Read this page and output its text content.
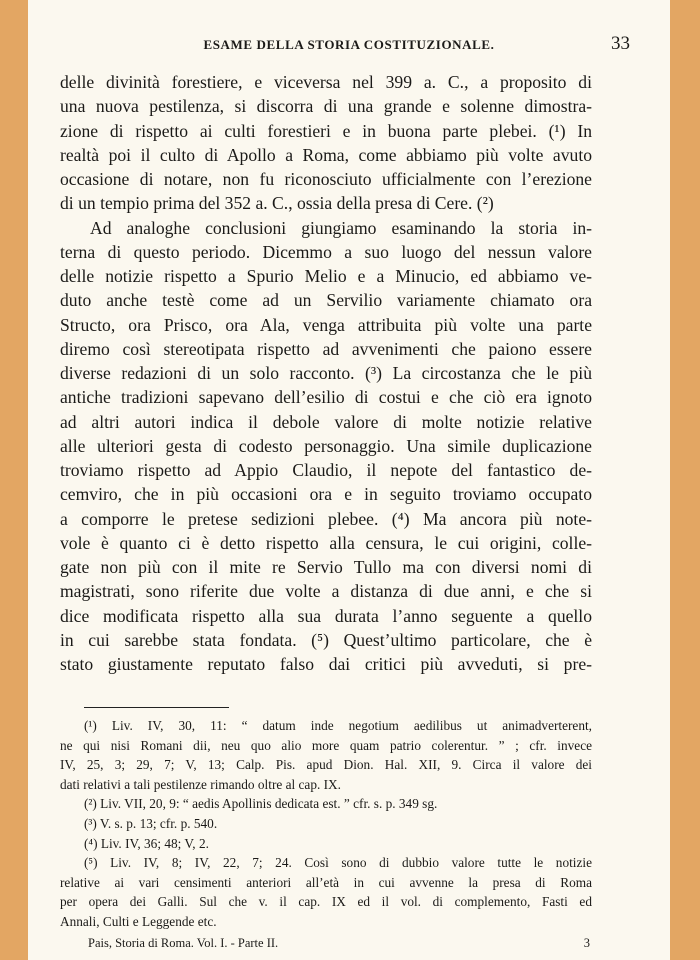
ESAME DELLA STORIA COSTITUZIONALE.	33
delle divinità forestiere, e viceversa nel 399 a. C., a proposito di
una nuova pestilenza, si discorra di una grande e solenne dimostra-
zione di rispetto ai culti forestieri e in buona parte plebei. (¹) In
realtà poi il culto di Apollo a Roma, come abbiamo più volte avuto
occasione di notare, non fu riconosciuto ufficialmente con l’erezione
di un tempio prima del 352 a. C., ossia della presa di Cere. (²)
Ad analoghe conclusioni giungiamo esaminando la storia in-
terna di questo periodo. Dicemmo a suo luogo del nessun valore
delle notizie rispetto a Spurio Melio e a Minucio, ed abbiamo ve-
duto anche testè come ad un Servilio variamente chiamato ora
Structo, ora Prisco, ora Ala, venga attribuita più volte una parte
diremo così stereotipata rispetto ad avvenimenti che paiono essere
diverse redazioni di un solo racconto. (³) La circostanza che le più
antiche tradizioni sapevano dell’esilio di costui e che ciò era ignoto
ad altri autori indica il debole valore di molte notizie relative
alle ulteriori gesta di codesto personaggio. Una simile duplicazione
troviamo rispetto ad Appio Claudio, il nepote del fantastico de-
cemviro, che in più occasioni ora e in seguito troviamo occupato
a comporre le pretese sedizioni plebee. (⁴) Ma ancora più note-
vole è quanto ci è detto rispetto alla censura, le cui origini, colle-
gate non più con il mite re Servio Tullo ma con diversi nomi di
magistrati, sono riferite due volte a distanza di due anni, e che si
dice modificata rispetto alla sua durata l’anno seguente a quello
in cui sarebbe stata fondata. (⁵) Quest’ultimo particolare, che è
stato giustamente reputato falso dai critici più avveduti, si pre-
(¹) Liv. IV, 30, 11: “ datum inde negotium aedilibus ut animadverterent,
ne qui nisi Romani dii, neu quo alio more quam patrio colerentur. ” ; cfr. invece
IV, 25, 3; 29, 7; V, 13; Calp. Pis. apud Dion. Hal. XII, 9. Circa il valore dei
dati relativi a tali pestilenze rimando oltre al cap. IX.
(²) Liv. VII, 20, 9: “ aedis Apollinis dedicata est. ” cfr. s. p. 349 sg.
(³) V. s. p. 13; cfr. p. 540.
(⁴) Liv. IV, 36; 48; V, 2.
(⁵) Liv. IV, 8; IV, 22, 7; 24. Così sono di dubbio valore tutte le notizie
relative ai vari censimenti anteriori all’età in cui avvenne la presa di Roma
per opera dei Galli. Sul che v. il cap. IX ed il vol. di complemento, Fasti ed
Annali, Culti e Leggende etc.
Pais, Storia di Roma. Vol. I. - Parte II.	3
